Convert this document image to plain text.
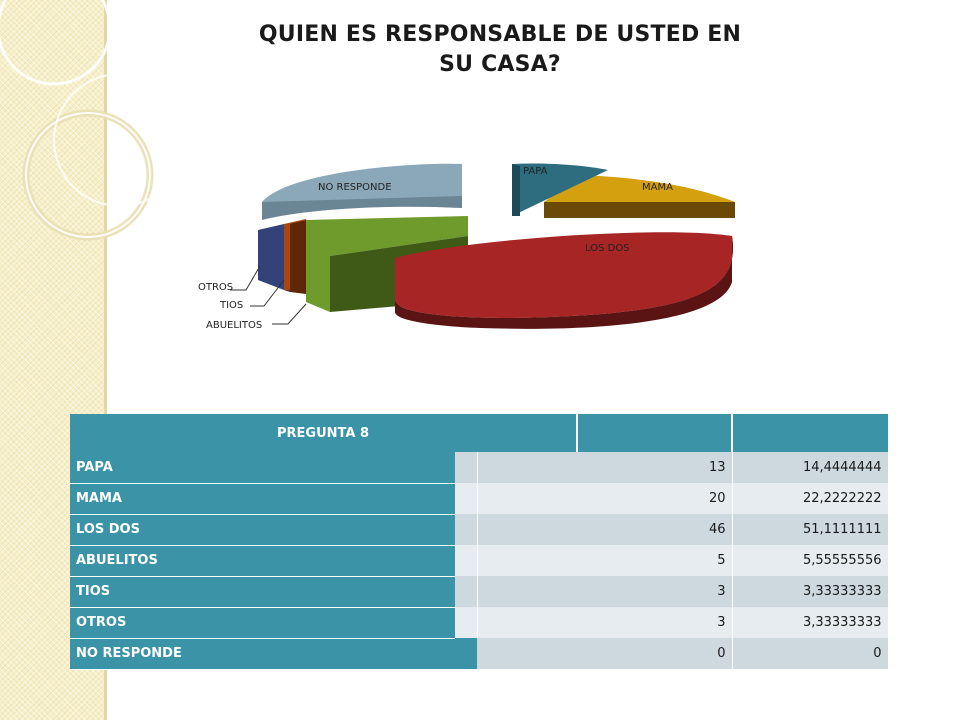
QUIEN ES RESPONSABLE DE USTED EN
SU CASA?
NO RESPONDE
PAPA
MAMA
LOS DOS
OTROS
TIOS
ABUELITOS
PREGUNTA 8				
PAPA		13		14,4444444
MAMA		20		22,2222222
LOS DOS		46		51,1111111
ABUELITOS		5		5,55555556
TIOS		3		3,33333333
OTROS		3		3,33333333
NO RESPONDE		0		0
